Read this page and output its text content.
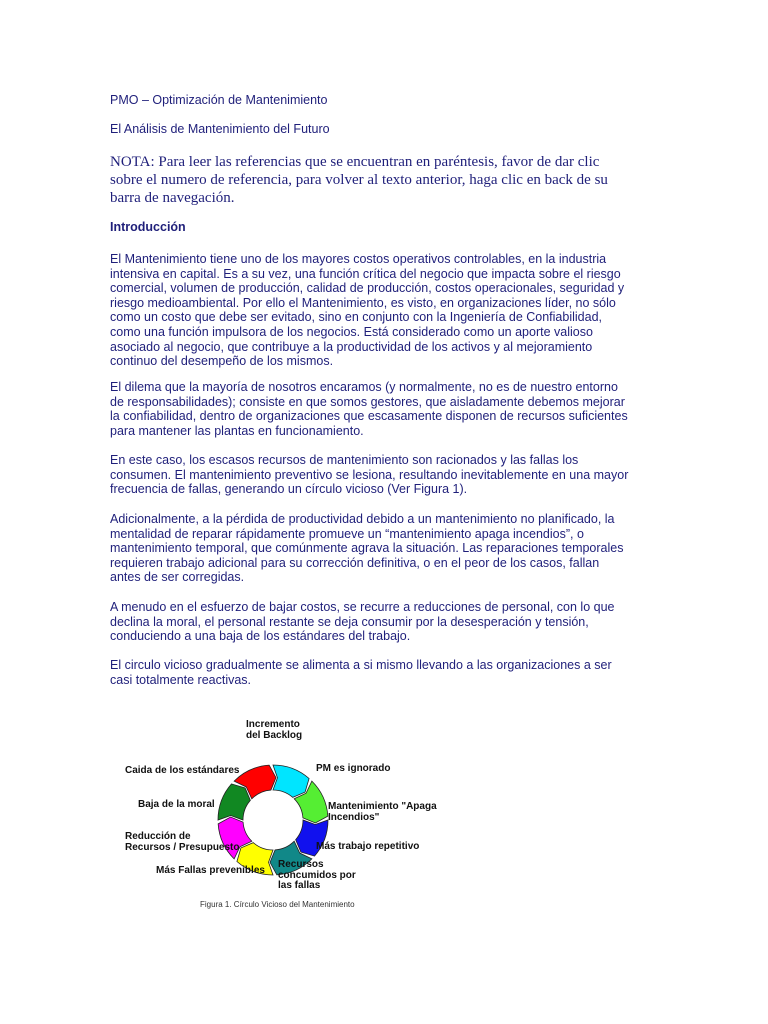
PMO – Optimización de Mantenimiento
El Análisis de Mantenimiento del Futuro
NOTA: Para leer las referencias que se encuentran en paréntesis, favor de dar clic sobre el numero de referencia, para volver al texto anterior, haga clic en back de su barra de navegación.
Introducción
El Mantenimiento tiene uno de los mayores costos operativos controlables, en la industria intensiva en capital. Es a su vez, una función crítica del negocio que impacta sobre el riesgo comercial, volumen de producción, calidad de producción, costos operacionales, seguridad y riesgo medioambiental. Por ello el Mantenimiento, es visto, en organizaciones líder, no sólo como un costo que debe ser evitado, sino en conjunto con la Ingeniería de Confiabilidad, como una función impulsora de los negocios. Está considerado como un aporte valioso asociado al negocio, que contribuye a la productividad de los activos y al mejoramiento continuo del desempeño de los mismos.
El dilema que la mayoría de nosotros encaramos (y normalmente, no es de nuestro entorno de responsabilidades); consiste en que somos gestores, que aisladamente debemos mejorar la confiabilidad, dentro de organizaciones que escasamente disponen de recursos suficientes para mantener las plantas en funcionamiento.
En este caso, los escasos recursos de mantenimiento son racionados y las fallas los consumen. El mantenimiento preventivo se lesiona, resultando inevitablemente en una mayor frecuencia de fallas, generando un círculo vicioso (Ver Figura 1).
Adicionalmente, a la pérdida de productividad debido a un mantenimiento no planificado, la mentalidad de reparar rápidamente promueve un “mantenimiento apaga incendios”, o mantenimiento temporal, que comúnmente agrava la situación. Las reparaciones temporales requieren trabajo adicional para su corrección definitiva, o en el peor de los casos, fallan antes de ser corregidas.
A menudo en el esfuerzo de bajar costos, se recurre a reducciones de personal, con lo que declina la moral, el personal restante se deja consumir por la desesperación y tensión, conduciendo a una baja de los estándares del trabajo.
El circulo vicioso gradualmente se alimenta a si mismo llevando a las organizaciones a ser casi totalmente reactivas.
Incremento
del Backlog
PM es ignorado
Mantenimiento "Apaga
Incendios"
Más trabajo repetitivo
Recursos
concumidos por
las fallas
Más Fallas prevenibles
Reducción de
Recursos / Presupuesto
Baja de la moral
Caida de los estándares
Figura 1. Círculo Vicioso del Mantenimiento
